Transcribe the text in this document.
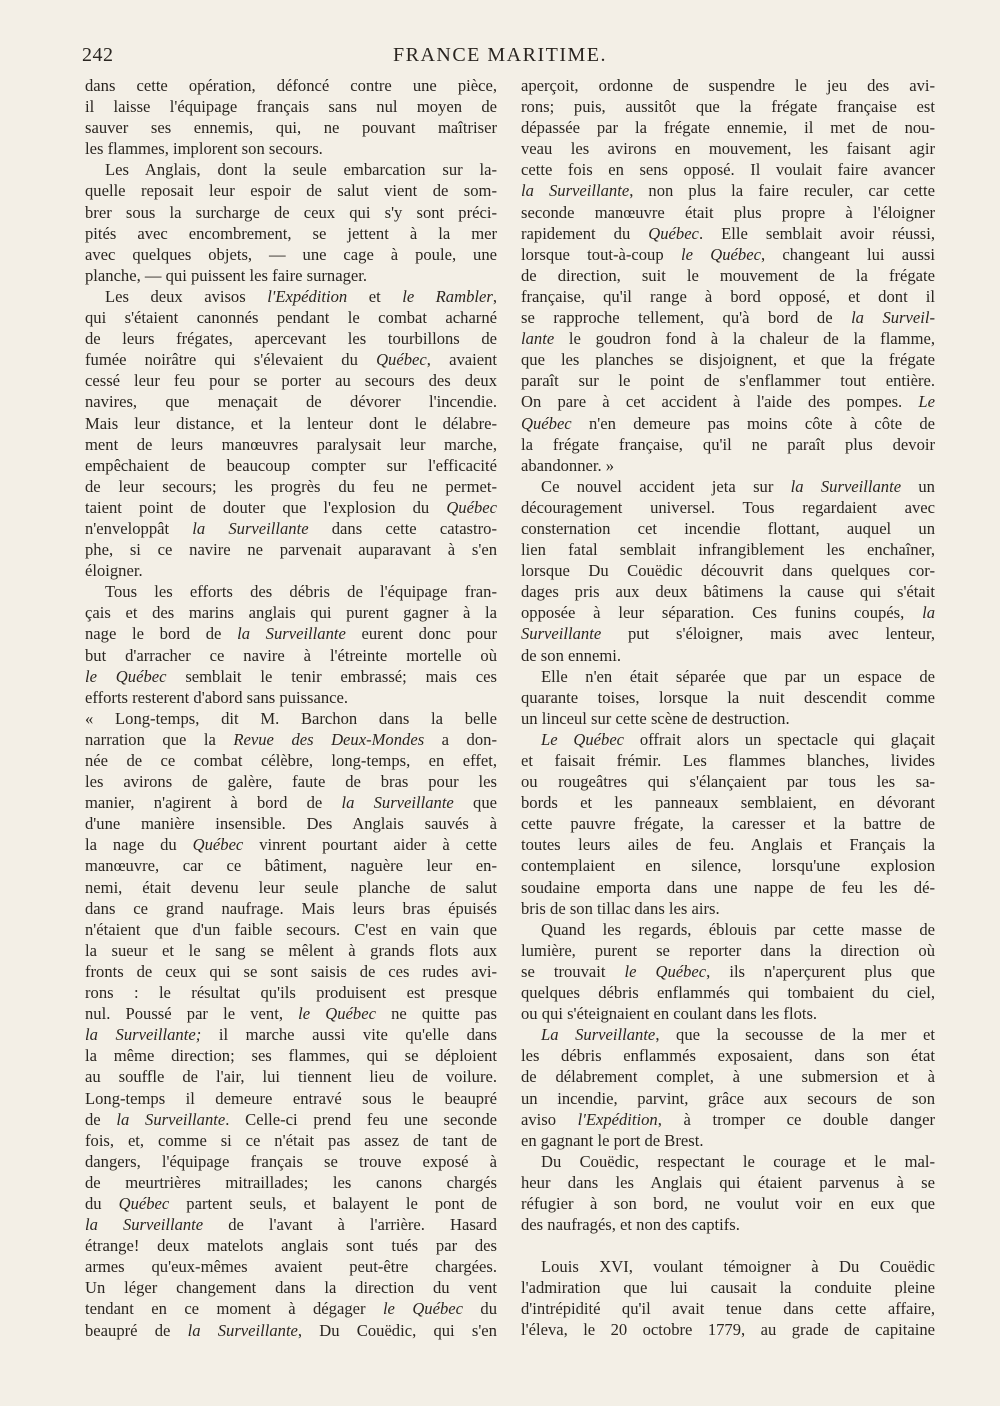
242	FRANCE MARITIME.

dans cette opération, défoncé contre une pièce,
il laisse l'équipage français sans nul moyen de
sauver ses ennemis, qui, ne pouvant maîtriser
les flammes, implorent son secours.

Les Anglais, dont la seule embarcation sur la-
quelle reposait leur espoir de salut vient de som-
brer sous la surcharge de ceux qui s'y sont préci-
pités avec encombrement, se jettent à la mer
avec quelques objets, — une cage à poule, une
planche, — qui puissent les faire surnager.

Les deux avisos l'Expédition et le Rambler,
qui s'étaient canonnés pendant le combat acharné
de leurs frégates, apercevant les tourbillons de
fumée noirâtre qui s'élevaient du Québec, avaient
cessé leur feu pour se porter au secours des deux
navires, que menaçait de dévorer l'incendie.
Mais leur distance, et la lenteur dont le délabre-
ment de leurs manœuvres paralysait leur marche,
empêchaient de beaucoup compter sur l'efficacité
de leur secours; les progrès du feu ne permet-
taient point de douter que l'explosion du Québec
n'enveloppât la Surveillante dans cette catastro-
phe, si ce navire ne parvenait auparavant à s'en
éloigner.

Tous les efforts des débris de l'équipage fran-
çais et des marins anglais qui purent gagner à la
nage le bord de la Surveillante eurent donc pour
but d'arracher ce navire à l'étreinte mortelle où
le Québec semblait le tenir embrassé; mais ces
efforts resterent d'abord sans puissance.

« Long-temps, dit M. Barchon dans la belle
narration que la Revue des Deux-Mondes a don-
née de ce combat célèbre, long-temps, en effet,
les avirons de galère, faute de bras pour les
manier, n'agirent à bord de la Surveillante que
d'une manière insensible. Des Anglais sauvés à
la nage du Québec vinrent pourtant aider à cette
manœuvre, car ce bâtiment, naguère leur en-
nemi, était devenu leur seule planche de salut
dans ce grand naufrage. Mais leurs bras épuisés
n'étaient que d'un faible secours. C'est en vain que
la sueur et le sang se mêlent à grands flots aux
fronts de ceux qui se sont saisis de ces rudes avi-
rons : le résultat qu'ils produisent est presque
nul. Poussé par le vent, le Québec ne quitte pas
la Surveillante; il marche aussi vite qu'elle dans
la même direction; ses flammes, qui se déploient
au souffle de l'air, lui tiennent lieu de voilure.
Long-temps il demeure entravé sous le beaupré
de la Surveillante. Celle-ci prend feu une seconde
fois, et, comme si ce n'était pas assez de tant de
dangers, l'équipage français se trouve exposé à
de meurtrières mitraillades; les canons chargés
du Québec partent seuls, et balayent le pont de
la Surveillante de l'avant à l'arrière. Hasard
étrange! deux matelots anglais sont tués par des
armes qu'eux-mêmes avaient peut-être chargées.
Un léger changement dans la direction du vent
tendant en ce moment à dégager le Québec du
beaupré de la Surveillante, Du Couëdic, qui s'en

aperçoit, ordonne de suspendre le jeu des avi-
rons; puis, aussitôt que la frégate française est
dépassée par la frégate ennemie, il met de nou-
veau les avirons en mouvement, les faisant agir
cette fois en sens opposé. Il voulait faire avancer
la Surveillante, non plus la faire reculer, car cette
seconde manœuvre était plus propre à l'éloigner
rapidement du Québec. Elle semblait avoir réussi,
lorsque tout-à-coup le Québec, changeant lui aussi
de direction, suit le mouvement de la frégate
française, qu'il range à bord opposé, et dont il
se rapproche tellement, qu'à bord de la Surveil-
lante le goudron fond à la chaleur de la flamme,
que les planches se disjoignent, et que la frégate
paraît sur le point de s'enflammer tout entière.
On pare à cet accident à l'aide des pompes. Le
Québec n'en demeure pas moins côte à côte de
la frégate française, qu'il ne paraît plus devoir
abandonner. »

Ce nouvel accident jeta sur la Surveillante un
découragement universel. Tous regardaient avec
consternation cet incendie flottant, auquel un
lien fatal semblait infrangiblement les enchaîner,
lorsque Du Couëdic découvrit dans quelques cor-
dages pris aux deux bâtimens la cause qui s'était
opposée à leur séparation. Ces funins coupés, la
Surveillante put s'éloigner, mais avec lenteur,
de son ennemi.

Elle n'en était séparée que par un espace de
quarante toises, lorsque la nuit descendit comme
un linceul sur cette scène de destruction.

Le Québec offrait alors un spectacle qui glaçait
et faisait frémir. Les flammes blanches, livides
ou rougeâtres qui s'élançaient par tous les sa-
bords et les panneaux semblaient, en dévorant
cette pauvre frégate, la caresser et la battre de
toutes leurs ailes de feu. Anglais et Français la
contemplaient en silence, lorsqu'une explosion
soudaine emporta dans une nappe de feu les dé-
bris de son tillac dans les airs.

Quand les regards, éblouis par cette masse de
lumière, purent se reporter dans la direction où
se trouvait le Québec, ils n'aperçurent plus que
quelques débris enflammés qui tombaient du ciel,
ou qui s'éteignaient en coulant dans les flots.

La Surveillante, que la secousse de la mer et
les débris enflammés exposaient, dans son état
de délabrement complet, à une submersion et à
un incendie, parvint, grâce aux secours de son
aviso l'Expédition, à tromper ce double danger
en gagnant le port de Brest.

Du Couëdic, respectant le courage et le mal-
heur dans les Anglais qui étaient parvenus à se
réfugier à son bord, ne voulut voir en eux que
des naufragés, et non des captifs.

Louis XVI, voulant témoigner à Du Couëdic
l'admiration que lui causait la conduite pleine
d'intrépidité qu'il avait tenue dans cette affaire,
l'éleva, le 20 octobre 1779, au grade de capitaine
